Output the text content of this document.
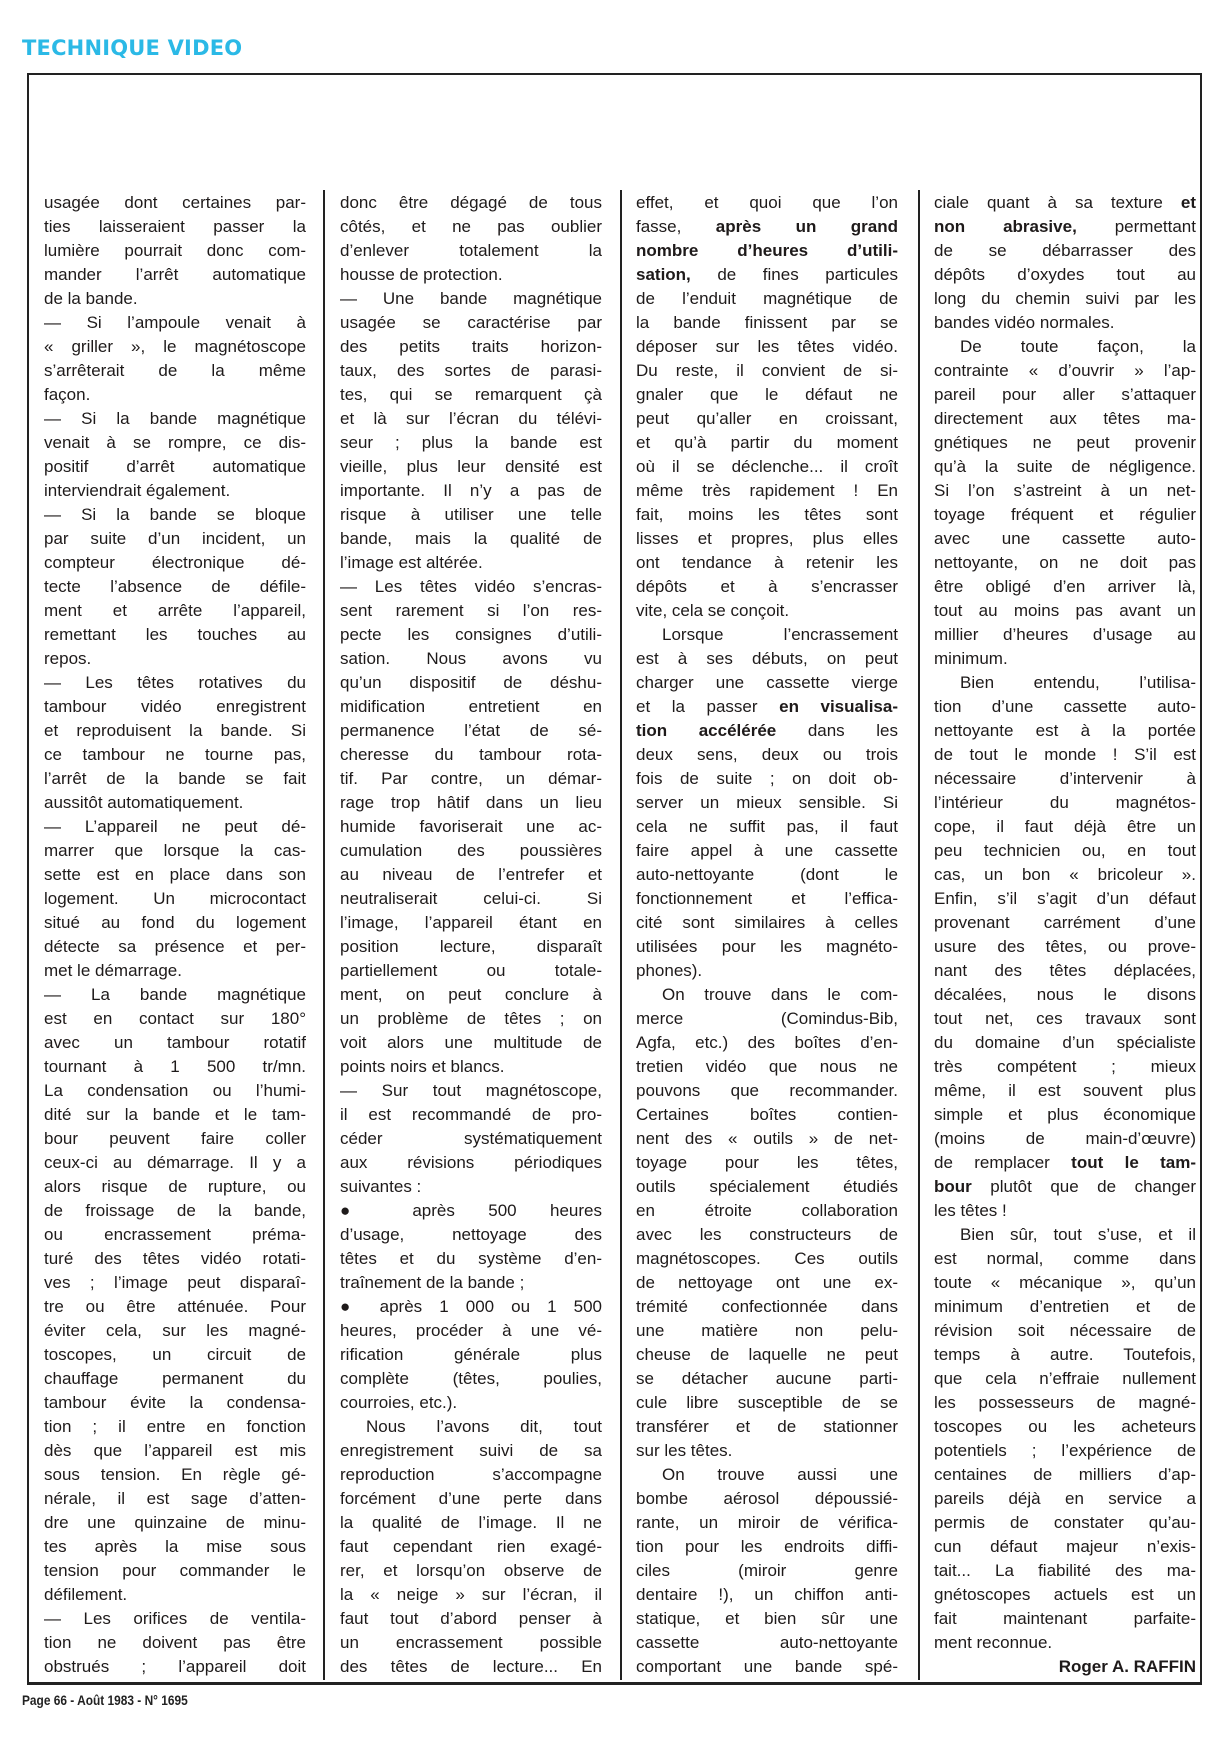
TECHNIQUE VIDEO
usagée dont certaines par-
ties laisseraient passer la
lumière pourrait donc com-
mander l’arrêt automatique
de la bande.
— Si l’ampoule venait à
« griller », le magnétoscope
s’arrêterait de la même
façon.
— Si la bande magnétique
venait à se rompre, ce dis-
positif d’arrêt automatique
interviendrait également.
— Si la bande se bloque
par suite d’un incident, un
compteur électronique dé-
tecte l’absence de défile-
ment et arrête l’appareil,
remettant les touches au
repos.
— Les têtes rotatives du
tambour vidéo enregistrent
et reproduisent la bande. Si
ce tambour ne tourne pas,
l’arrêt de la bande se fait
aussitôt automatiquement.
— L’appareil ne peut dé-
marrer que lorsque la cas-
sette est en place dans son
logement. Un microcontact
situé au fond du logement
détecte sa présence et per-
met le démarrage.
— La bande magnétique
est en contact sur 180°
avec un tambour rotatif
tournant à 1 500 tr/mn.
La condensation ou l’humi-
dité sur la bande et le tam-
bour peuvent faire coller
ceux-ci au démarrage. Il y a
alors risque de rupture, ou
de froissage de la bande,
ou encrassement préma-
turé des têtes vidéo rotati-
ves ; l’image peut disparaî-
tre ou être atténuée. Pour
éviter cela, sur les magné-
toscopes, un circuit de
chauffage permanent du
tambour évite la condensa-
tion ; il entre en fonction
dès que l’appareil est mis
sous tension. En règle gé-
nérale, il est sage d’atten-
dre une quinzaine de minu-
tes après la mise sous
tension pour commander le
défilement.
— Les orifices de ventila-
tion ne doivent pas être
obstrués ; l’appareil doit
donc être dégagé de tous
côtés, et ne pas oublier
d’enlever totalement la
housse de protection.
— Une bande magnétique
usagée se caractérise par
des petits traits horizon-
taux, des sortes de parasi-
tes, qui se remarquent çà
et là sur l’écran du télévi-
seur ; plus la bande est
vieille, plus leur densité est
importante. Il n’y a pas de
risque à utiliser une telle
bande, mais la qualité de
l’image est altérée.
— Les têtes vidéo s’encras-
sent rarement si l’on res-
pecte les consignes d’utili-
sation. Nous avons vu
qu’un dispositif de déshu-
midification entretient en
permanence l’état de sé-
cheresse du tambour rota-
tif. Par contre, un démar-
rage trop hâtif dans un lieu
humide favoriserait une ac-
cumulation des poussières
au niveau de l’entrefer et
neutraliserait celui-ci. Si
l’image, l’appareil étant en
position lecture, disparaît
partiellement ou totale-
ment, on peut conclure à
un problème de têtes ; on
voit alors une multitude de
points noirs et blancs.
— Sur tout magnétoscope,
il est recommandé de pro-
céder systématiquement
aux révisions périodiques
suivantes :
● après 500 heures
d’usage, nettoyage des
têtes et du système d’en-
traînement de la bande ;
● après 1 000 ou 1 500
heures, procéder à une vé-
rification générale plus
complète (têtes, poulies,
courroies, etc.).
Nous l’avons dit, tout
enregistrement suivi de sa
reproduction s’accompagne
forcément d’une perte dans
la qualité de l’image. Il ne
faut cependant rien exagé-
rer, et lorsqu’on observe de
la « neige » sur l’écran, il
faut tout d’abord penser à
un encrassement possible
des têtes de lecture... En
effet, et quoi que l’on
fasse, après un grand
nombre d’heures d’utili-
sation, de fines particules
de l’enduit magnétique de
la bande finissent par se
déposer sur les têtes vidéo.
Du reste, il convient de si-
gnaler que le défaut ne
peut qu’aller en croissant,
et qu’à partir du moment
où il se déclenche... il croît
même très rapidement ! En
fait, moins les têtes sont
lisses et propres, plus elles
ont tendance à retenir les
dépôts et à s’encrasser
vite, cela se conçoit.
Lorsque l’encrassement
est à ses débuts, on peut
charger une cassette vierge
et la passer en visualisa-
tion accélérée dans les
deux sens, deux ou trois
fois de suite ; on doit ob-
server un mieux sensible. Si
cela ne suffit pas, il faut
faire appel à une cassette
auto-nettoyante (dont le
fonctionnement et l’effica-
cité sont similaires à celles
utilisées pour les magnéto-
phones).
On trouve dans le com-
merce (Comindus-Bib,
Agfa, etc.) des boîtes d’en-
tretien vidéo que nous ne
pouvons que recommander.
Certaines boîtes contien-
nent des « outils » de net-
toyage pour les têtes,
outils spécialement étudiés
en étroite collaboration
avec les constructeurs de
magnétoscopes. Ces outils
de nettoyage ont une ex-
trémité confectionnée dans
une matière non pelu-
cheuse de laquelle ne peut
se détacher aucune parti-
cule libre susceptible de se
transférer et de stationner
sur les têtes.
On trouve aussi une
bombe aérosol dépoussié-
rante, un miroir de vérifica-
tion pour les endroits diffi-
ciles (miroir genre
dentaire !), un chiffon anti-
statique, et bien sûr une
cassette auto-nettoyante
comportant une bande spé-
ciale quant à sa texture et
non abrasive, permettant
de se débarrasser des
dépôts d’oxydes tout au
long du chemin suivi par les
bandes vidéo normales.
De toute façon, la
contrainte « d’ouvrir » l’ap-
pareil pour aller s’attaquer
directement aux têtes ma-
gnétiques ne peut provenir
qu’à la suite de négligence.
Si l’on s’astreint à un net-
toyage fréquent et régulier
avec une cassette auto-
nettoyante, on ne doit pas
être obligé d’en arriver là,
tout au moins pas avant un
millier d’heures d’usage au
minimum.
Bien entendu, l’utilisa-
tion d’une cassette auto-
nettoyante est à la portée
de tout le monde ! S’il est
nécessaire d’intervenir à
l’intérieur du magnétos-
cope, il faut déjà être un
peu technicien ou, en tout
cas, un bon « bricoleur ».
Enfin, s’il s’agit d’un défaut
provenant carrément d’une
usure des têtes, ou prove-
nant des têtes déplacées,
décalées, nous le disons
tout net, ces travaux sont
du domaine d’un spécialiste
très compétent ; mieux
même, il est souvent plus
simple et plus économique
(moins de main-d’œuvre)
de remplacer tout le tam-
bour plutôt que de changer
les têtes !
Bien sûr, tout s’use, et il
est normal, comme dans
toute « mécanique », qu’un
minimum d’entretien et de
révision soit nécessaire de
temps à autre. Toutefois,
que cela n’effraie nullement
les possesseurs de magné-
toscopes ou les acheteurs
potentiels ; l’expérience de
centaines de milliers d’ap-
pareils déjà en service a
permis de constater qu’au-
cun défaut majeur n’exis-
tait... La fiabilité des ma-
gnétoscopes actuels est un
fait maintenant parfaite-
ment reconnue.
Roger A. RAFFIN
Page 66 - Août 1983 - N° 1695
